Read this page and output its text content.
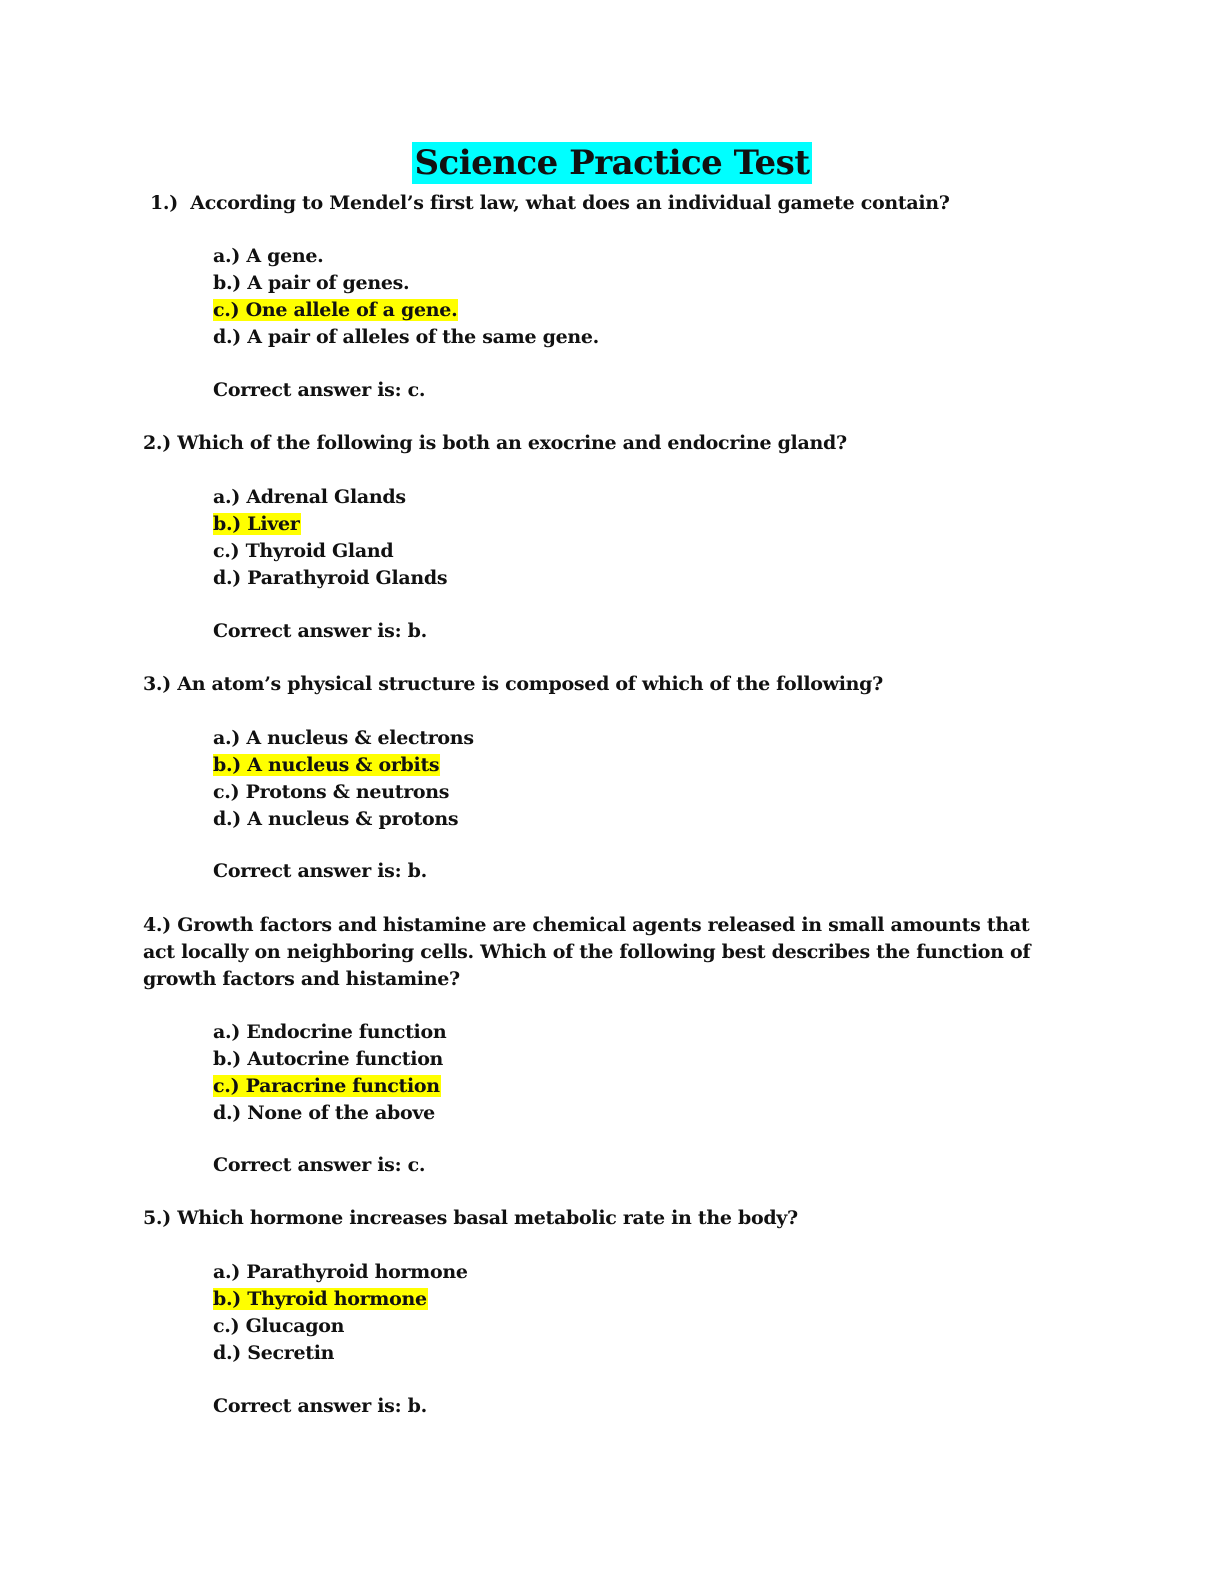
Science Practice Test
1.) According to Mendel’s first law, what does an individual gamete contain?
a.) A gene.
b.) A pair of genes.
c.) One allele of a gene.
d.) A pair of alleles of the same gene.
Correct answer is: c.
2.) Which of the following is both an exocrine and endocrine gland?
a.) Adrenal Glands
b.) Liver
c.) Thyroid Gland
d.) Parathyroid Glands
Correct answer is: b.
3.) An atom’s physical structure is composed of which of the following?
a.) A nucleus & electrons
b.) A nucleus & orbits
c.) Protons & neutrons
d.) A nucleus & protons
Correct answer is: b.
4.) Growth factors and histamine are chemical agents released in small amounts that act locally on neighboring cells. Which of the following best describes the function of growth factors and histamine?
a.) Endocrine function
b.) Autocrine function
c.) Paracrine function
d.) None of the above
Correct answer is: c.
5.) Which hormone increases basal metabolic rate in the body?
a.) Parathyroid hormone
b.) Thyroid hormone
c.) Glucagon
d.) Secretin
Correct answer is: b.
